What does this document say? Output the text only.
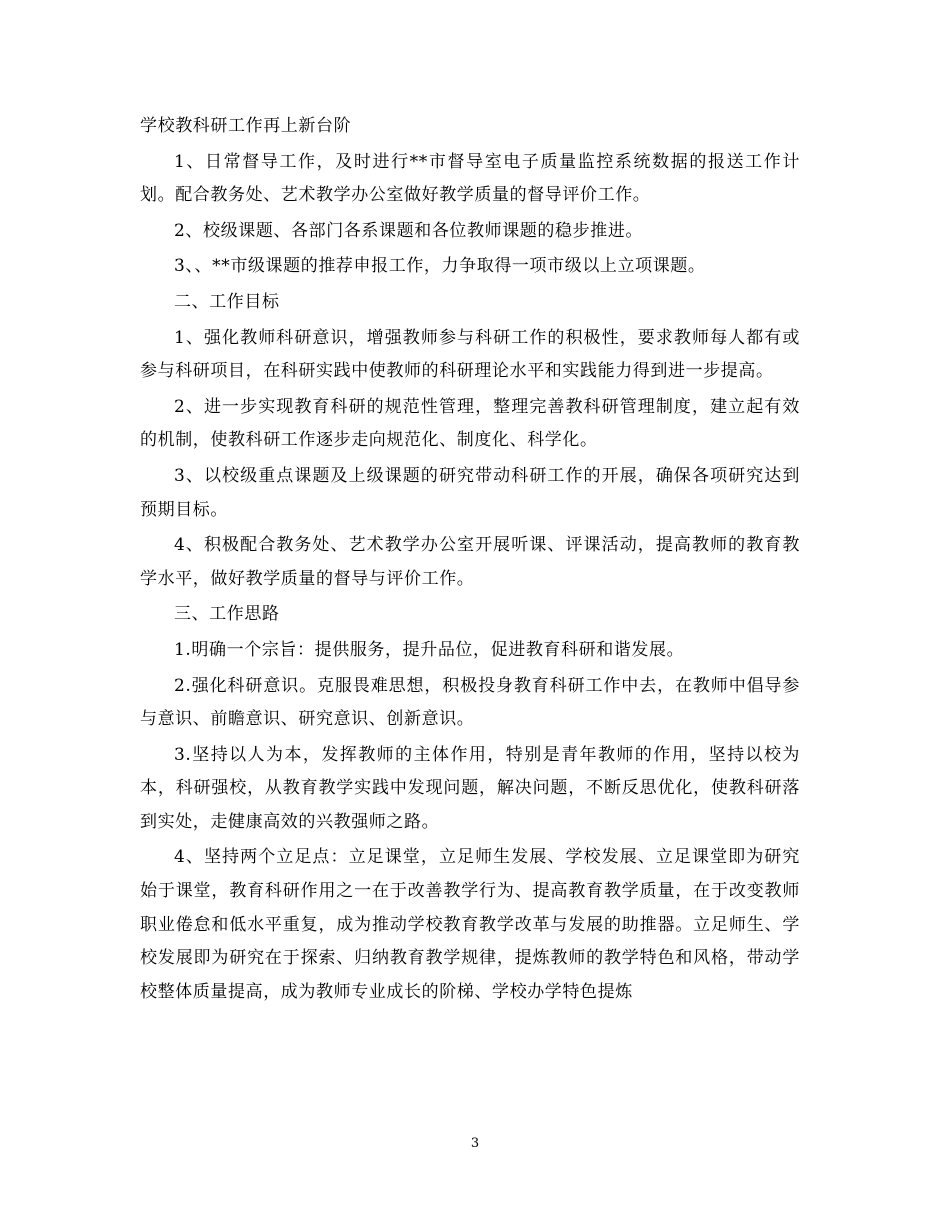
学校教科研工作再上新台阶

1、日常督导工作，及时进行**市督导室电子质量监控系统数据的报送工作计划。配合教务处、艺术教学办公室做好教学质量的督导评价工作。

2、校级课题、各部门各系课题和各位教师课题的稳步推进。

3、、**市级课题的推荐申报工作，力争取得一项市级以上立项课题。

二、工作目标

1、强化教师科研意识，增强教师参与科研工作的积极性，要求教师每人都有或参与科研项目，在科研实践中使教师的科研理论水平和实践能力得到进一步提高。

2、进一步实现教育科研的规范性管理，整理完善教科研管理制度，建立起有效的机制，使教科研工作逐步走向规范化、制度化、科学化。

3、以校级重点课题及上级课题的研究带动科研工作的开展，确保各项研究达到预期目标。

4、积极配合教务处、艺术教学办公室开展听课、评课活动，提高教师的教育教学水平，做好教学质量的督导与评价工作。

三、工作思路

1.明确一个宗旨：提供服务，提升品位，促进教育科研和谐发展。

2.强化科研意识。克服畏难思想，积极投身教育科研工作中去，在教师中倡导参与意识、前瞻意识、研究意识、创新意识。

3.坚持以人为本，发挥教师的主体作用，特别是青年教师的作用，坚持以校为本，科研强校，从教育教学实践中发现问题，解决问题，不断反思优化，使教科研落到实处，走健康高效的兴教强师之路。

4、坚持两个立足点：立足课堂，立足师生发展、学校发展、立足课堂即为研究始于课堂，教育科研作用之一在于改善教学行为、提高教育教学质量，在于改变教师职业倦怠和低水平重复，成为推动学校教育教学改革与发展的助推器。立足师生、学校发展即为研究在于探索、归纳教育教学规律，提炼教师的教学特色和风格，带动学校整体质量提高，成为教师专业成长的阶梯、学校办学特色提炼

3
